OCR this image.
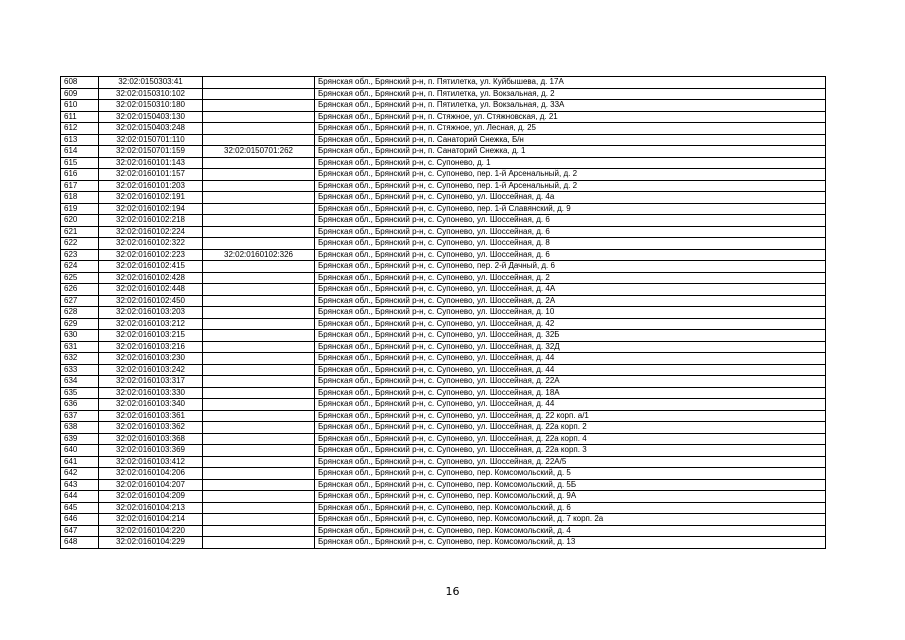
608	32:02:0150303:41		Брянская обл., Брянский р-н, п. Пятилетка, ул. Куйбышева, д. 17А
609	32:02:0150310:102		Брянская обл., Брянский р-н, п. Пятилетка, ул. Вокзальная, д. 2
610	32:02:0150310:180		Брянская обл., Брянский р-н, п. Пятилетка, ул. Вокзальная, д. 33А
611	32:02:0150403:130		Брянская обл., Брянский р-н, п. Стяжное, ул. Стяжновская, д. 21
612	32:02:0150403:248		Брянская обл., Брянский р-н, п. Стяжное, ул. Лесная, д. 25
613	32:02:0150701:110		Брянская обл., Брянский р-н, п. Санаторий Снежка, Б/н
614	32:02:0150701:159	32:02:0150701:262	Брянская обл., Брянский р-н, п. Санаторий Снежка, д. 1
615	32:02:0160101:143		Брянская обл., Брянский р-н, с. Супонево, д. 1
616	32:02:0160101:157		Брянская обл., Брянский р-н, с. Супонево, пер. 1-й Арсенальный, д. 2
617	32:02:0160101:203		Брянская обл., Брянский р-н, с. Супонево, пер. 1-й Арсенальный, д. 2
618	32:02:0160102:191		Брянская обл., Брянский р-н, с. Супонево, ул. Шоссейная, д. 4а
619	32:02:0160102:194		Брянская обл., Брянский р-н, с. Супонево, пер. 1-й Славянский, д. 9
620	32:02:0160102:218		Брянская обл., Брянский р-н, с. Супонево, ул. Шоссейная, д. 6
621	32:02:0160102:224		Брянская обл., Брянский р-н, с. Супонево, ул. Шоссейная, д. 6
622	32:02:0160102:322		Брянская обл., Брянский р-н, с. Супонево, ул. Шоссейная, д. 8
623	32:02:0160102:223	32:02:0160102:326	Брянская обл., Брянский р-н, с. Супонево, ул. Шоссейная, д. 6
624	32:02:0160102:415		Брянская обл., Брянский р-н, с. Супонево, пер. 2-й Дачный, д. 6
625	32:02:0160102:428		Брянская обл., Брянский р-н, с. Супонево, ул. Шоссейная, д. 2
626	32:02:0160102:448		Брянская обл., Брянский р-н, с. Супонево, ул. Шоссейная, д. 4А
627	32:02:0160102:450		Брянская обл., Брянский р-н, с. Супонево, ул. Шоссейная, д. 2А
628	32:02:0160103:203		Брянская обл., Брянский р-н, с. Супонево, ул. Шоссейная, д. 10
629	32:02:0160103:212		Брянская обл., Брянский р-н, с. Супонево, ул. Шоссейная, д. 42
630	32:02:0160103:215		Брянская обл., Брянский р-н, с. Супонево, ул. Шоссейная, д. 32Б
631	32:02:0160103:216		Брянская обл., Брянский р-н, с. Супонево, ул. Шоссейная, д. 32Д
632	32:02:0160103:230		Брянская обл., Брянский р-н, с. Супонево, ул. Шоссейная, д. 44
633	32:02:0160103:242		Брянская обл., Брянский р-н, с. Супонево, ул. Шоссейная, д. 44
634	32:02:0160103:317		Брянская обл., Брянский р-н, с. Супонево, ул. Шоссейная, д. 22А
635	32:02:0160103:330		Брянская обл., Брянский р-н, с. Супонево, ул. Шоссейная, д. 18А
636	32:02:0160103:340		Брянская обл., Брянский р-н, с. Супонево, ул. Шоссейная, д. 44
637	32:02:0160103:361		Брянская обл., Брянский р-н, с. Супонево, ул. Шоссейная, д. 22 корп. а/1
638	32:02:0160103:362		Брянская обл., Брянский р-н, с. Супонево, ул. Шоссейная, д. 22а корп. 2
639	32:02:0160103:368		Брянская обл., Брянский р-н, с. Супонево, ул. Шоссейная, д. 22а корп. 4
640	32:02:0160103:369		Брянская обл., Брянский р-н, с. Супонево, ул. Шоссейная, д. 22а корп. 3
641	32:02:0160103:412		Брянская обл., Брянский р-н, с. Супонево, ул. Шоссейная, д. 22А/5
642	32:02:0160104:206		Брянская обл., Брянский р-н, с. Супонево, пер. Комсомольский, д. 5
643	32:02:0160104:207		Брянская обл., Брянский р-н, с. Супонево, пер. Комсомольский, д. 5Б
644	32:02:0160104:209		Брянская обл., Брянский р-н, с. Супонево, пер. Комсомольский, д. 9А
645	32:02:0160104:213		Брянская обл., Брянский р-н, с. Супонево, пер. Комсомольский, д. 6
646	32:02:0160104:214		Брянская обл., Брянский р-н, с. Супонево, пер. Комсомольский, д. 7 корп. 2а
647	32:02:0160104:220		Брянская обл., Брянский р-н, с. Супонево, пер. Комсомольский, д. 4
648	32:02:0160104:229		Брянская обл., Брянский р-н, с. Супонево, пер. Комсомольский, д. 13
16
